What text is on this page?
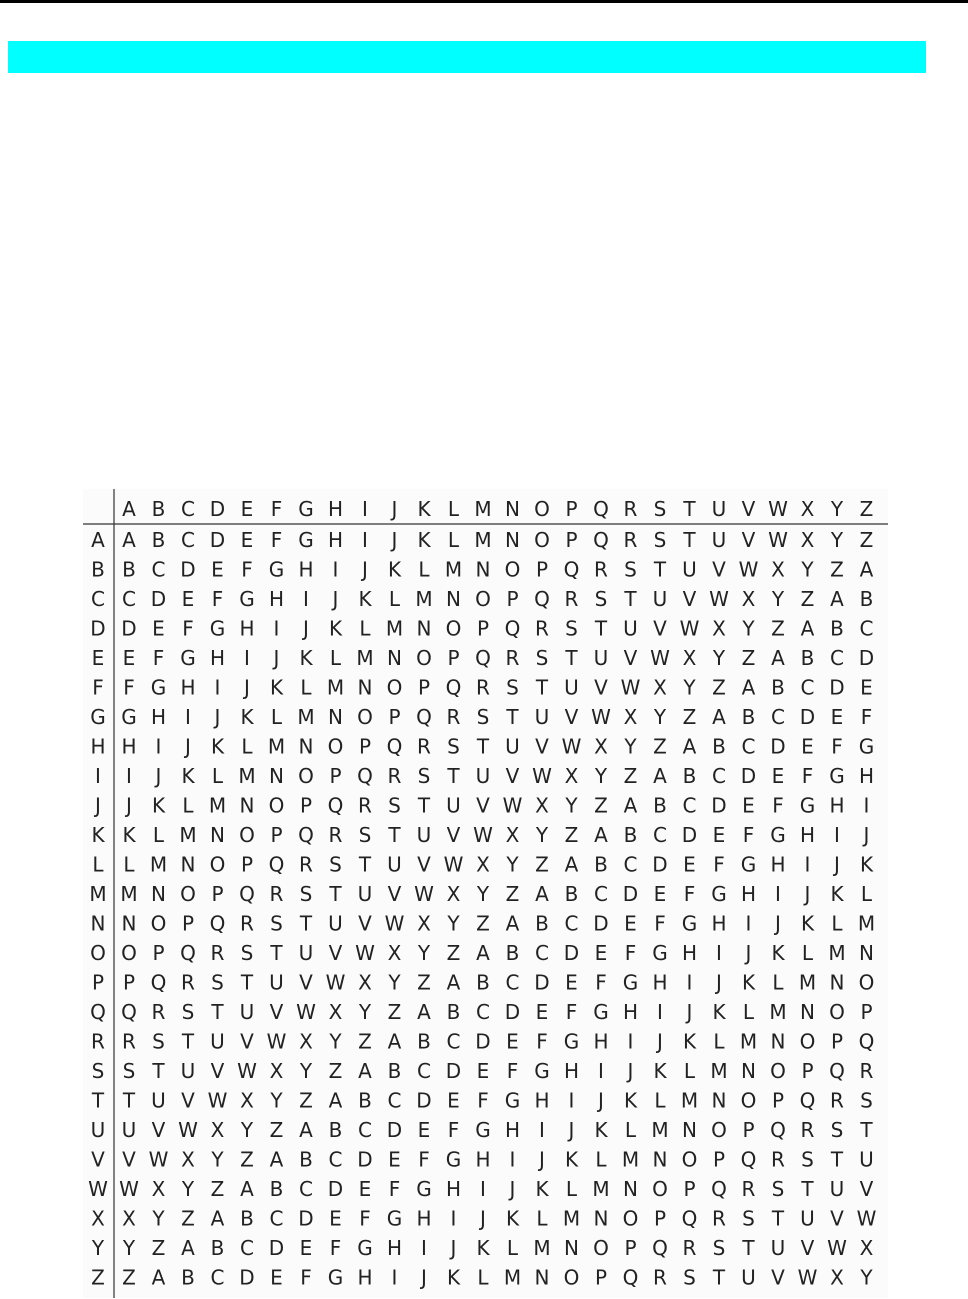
A B C D E F G H I J K L M N O P Q R S T U V W X Y Z
A A B C D E F G H I J K L M N O P Q R S T U V W X Y Z
B B C D E F G H I J K L M N O P Q R S T U V W X Y Z A
C C D E F G H I J K L M N O P Q R S T U V W X Y Z A B
D D E F G H I J K L M N O P Q R S T U V W X Y Z A B C
E E F G H I J K L M N O P Q R S T U V W X Y Z A B C D
F F G H I J K L M N O P Q R S T U V W X Y Z A B C D E
G G H I J K L M N O P Q R S T U V W X Y Z A B C D E F
H H I J K L M N O P Q R S T U V W X Y Z A B C D E F G
I I J K L M N O P Q R S T U V W X Y Z A B C D E F G H
J J K L M N O P Q R S T U V W X Y Z A B C D E F G H I
K K L M N O P Q R S T U V W X Y Z A B C D E F G H I J
L L M N O P Q R S T U V W X Y Z A B C D E F G H I J K
M M N O P Q R S T U V W X Y Z A B C D E F G H I J K L
N N O P Q R S T U V W X Y Z A B C D E F G H I J K L M
O O P Q R S T U V W X Y Z A B C D E F G H I J K L M N
P P Q R S T U V W X Y Z A B C D E F G H I J K L M N O
Q Q R S T U V W X Y Z A B C D E F G H I J K L M N O P
R R S T U V W X Y Z A B C D E F G H I J K L M N O P Q
S S T U V W X Y Z A B C D E F G H I J K L M N O P Q R
T T U V W X Y Z A B C D E F G H I J K L M N O P Q R S
U U V W X Y Z A B C D E F G H I J K L M N O P Q R S T
V V W X Y Z A B C D E F G H I J K L M N O P Q R S T U
W W X Y Z A B C D E F G H I J K L M N O P Q R S T U V
X X Y Z A B C D E F G H I J K L M N O P Q R S T U V W
Y Y Z A B C D E F G H I J K L M N O P Q R S T U V W X
Z Z A B C D E F G H I J K L M N O P Q R S T U V W X Y
